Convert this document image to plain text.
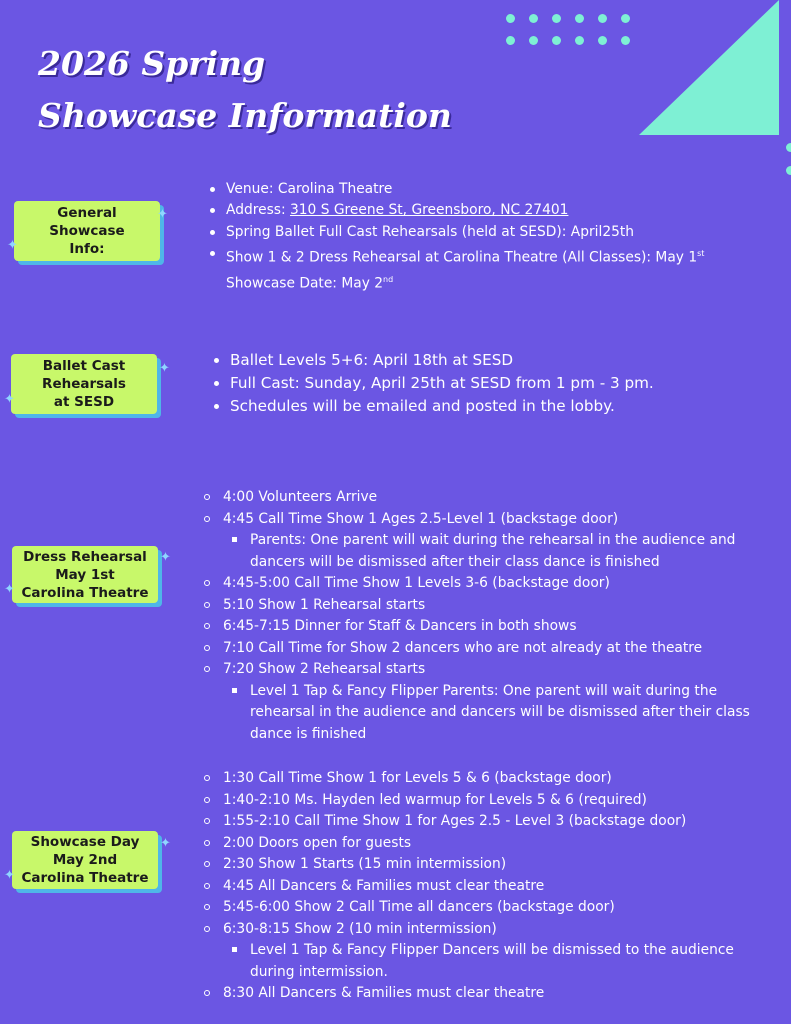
2026 Spring
Showcase Information
General
Showcase
Info:
✦
✦
Venue: Carolina Theatre
Address: 310 S Greene St, Greensboro, NC 27401
Spring Ballet Full Cast Rehearsals (held at SESD): April25th
Show 1 & 2 Dress Rehearsal at Carolina Theatre (All Classes): May 1st
Showcase Date: May 2nd
Ballet Cast
Rehearsals
at SESD
✦
✦
Ballet Levels 5+6: April 18th at SESD
Full Cast: Sunday, April 25th at SESD from 1 pm - 3 pm.
Schedules will be emailed and posted in the lobby.
Dress Rehearsal
May 1st
Carolina Theatre
✦
✦
4:00 Volunteers Arrive
4:45 Call Time Show 1 Ages 2.5-Level 1 (backstage door)
Parents: One parent will wait during the rehearsal in the audience and dancers will be dismissed after their class dance is finished
4:45-5:00 Call Time Show 1 Levels 3-6 (backstage door)
5:10 Show 1 Rehearsal starts
6:45-7:15 Dinner for Staff & Dancers in both shows
7:10 Call Time for Show 2 dancers who are not already at the theatre
7:20 Show 2 Rehearsal starts
Level 1 Tap & Fancy Flipper Parents: One parent will wait during the rehearsal in the audience and dancers will be dismissed after their class dance is finished
Showcase Day
May 2nd
Carolina Theatre
✦
✦
1:30 Call Time Show 1 for Levels 5 & 6 (backstage door)
1:40-2:10 Ms. Hayden led warmup for Levels 5 & 6 (required)
1:55-2:10 Call Time Show 1 for Ages 2.5 - Level 3 (backstage door)
2:00 Doors open for guests
2:30 Show 1 Starts (15 min intermission)
4:45 All Dancers & Families must clear theatre
5:45-6:00 Show 2 Call Time all dancers (backstage door)
6:30-8:15 Show 2 (10 min intermission)
Level 1 Tap & Fancy Flipper Dancers will be dismissed to the audience during intermission.
8:30 All Dancers & Families must clear theatre
